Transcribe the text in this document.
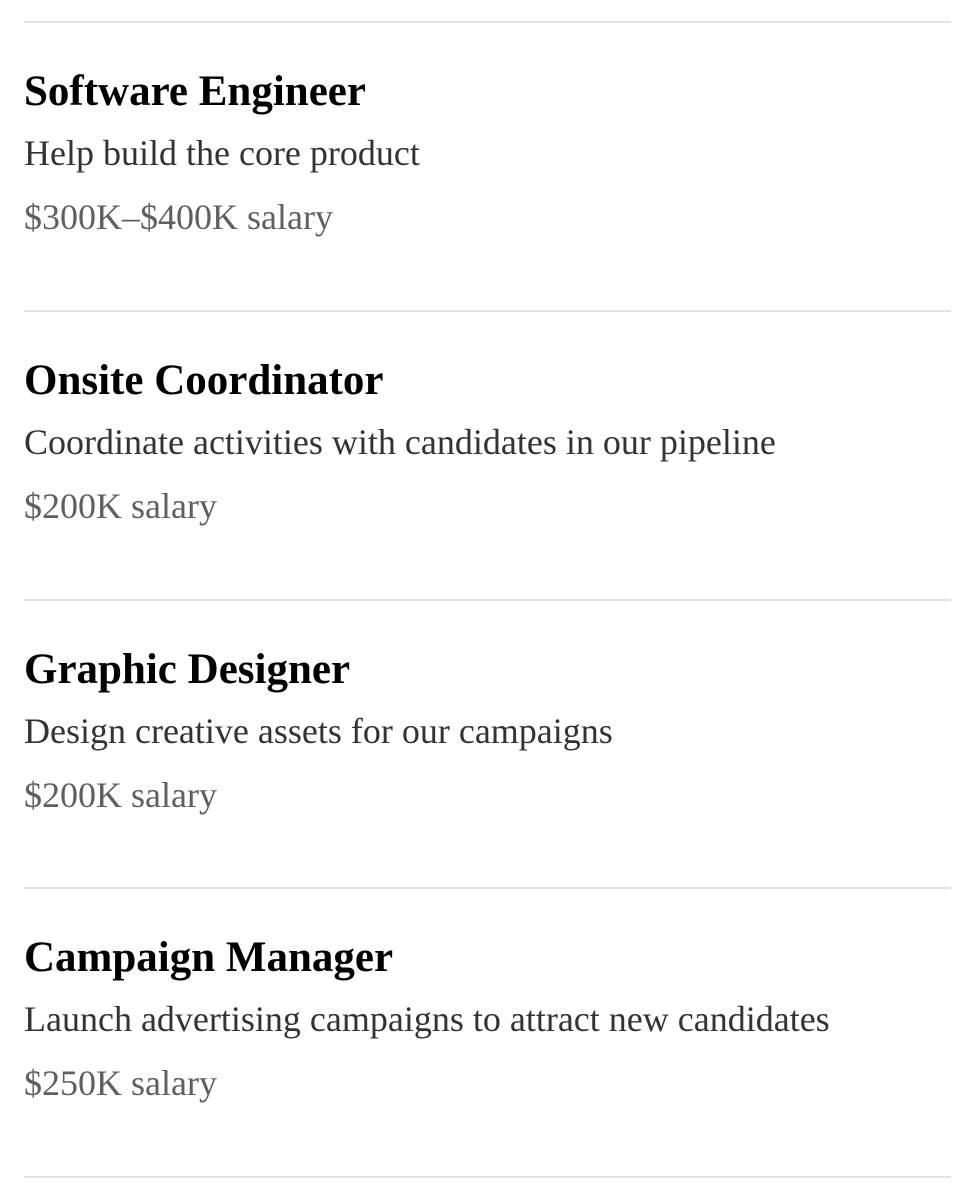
Software Engineer
Help build the core product
$300K–$400K salary
Onsite Coordinator
Coordinate activities with candidates in our pipeline
$200K salary
Graphic Designer
Design creative assets for our campaigns
$200K salary
Campaign Manager
Launch advertising campaigns to attract new candidates
$250K salary
